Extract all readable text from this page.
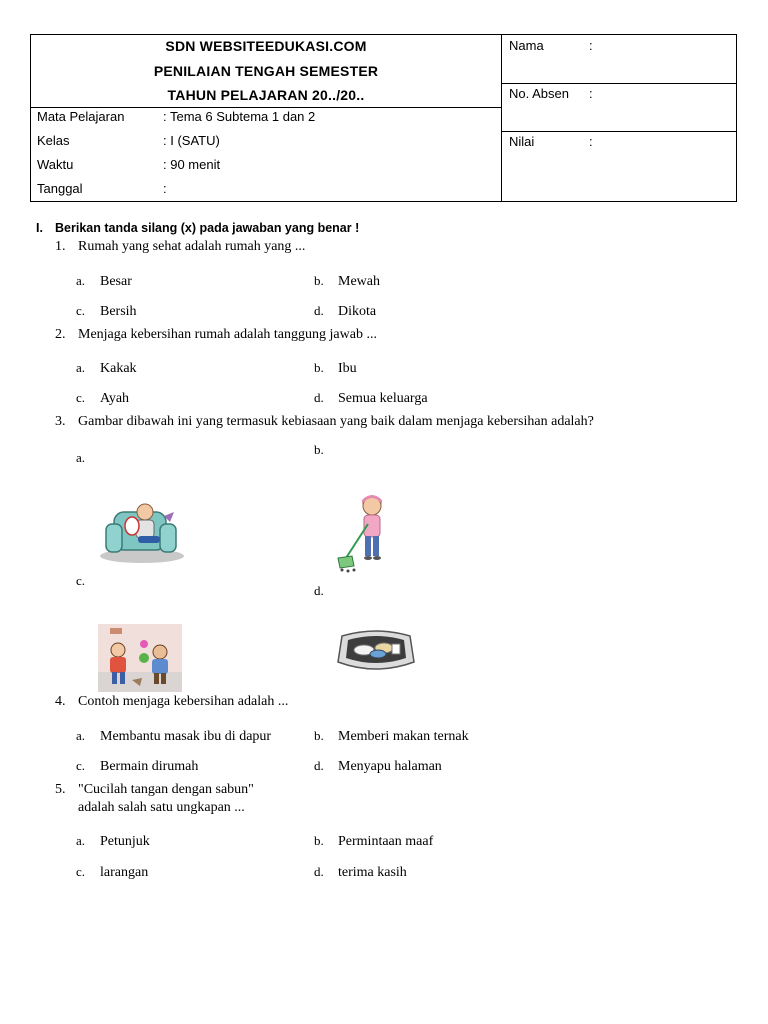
SDN WEBSITEEDUKASI.COM
PENILAIAN TENGAH SEMESTER
TAHUN PELAJARAN 20../20..
Mata Pelajaran	: Tema 6 Subtema 1 dan 2
Kelas	: I (SATU)
Waktu	: 90 menit
Tanggal	:
Nama	:
No. Absen :
Nilai	:
I. Berikan tanda silang (x) pada jawaban yang benar !
1. Rumah yang sehat adalah rumah yang ...
a. Besar	b. Mewah
c. Bersih	d. Dikota
2. Menjaga kebersihan rumah adalah tanggung jawab ...
a. Kakak	b. Ibu
c. Ayah	d. Semua keluarga
3. Gambar dibawah ini yang termasuk kebiasaan yang baik dalam menjaga kebersihan adalah?
a.
b.
c.
d.
4. Contoh menjaga kebersihan adalah ...
a. Membantu masak ibu di dapur	b. Memberi makan ternak
c. Bermain dirumah	d. Menyapu halaman
5. "Cucilah tangan dengan sabun"
adalah salah satu ungkapan ...
a. Petunjuk	b. Permintaan maaf
c. larangan	d. terima kasih
